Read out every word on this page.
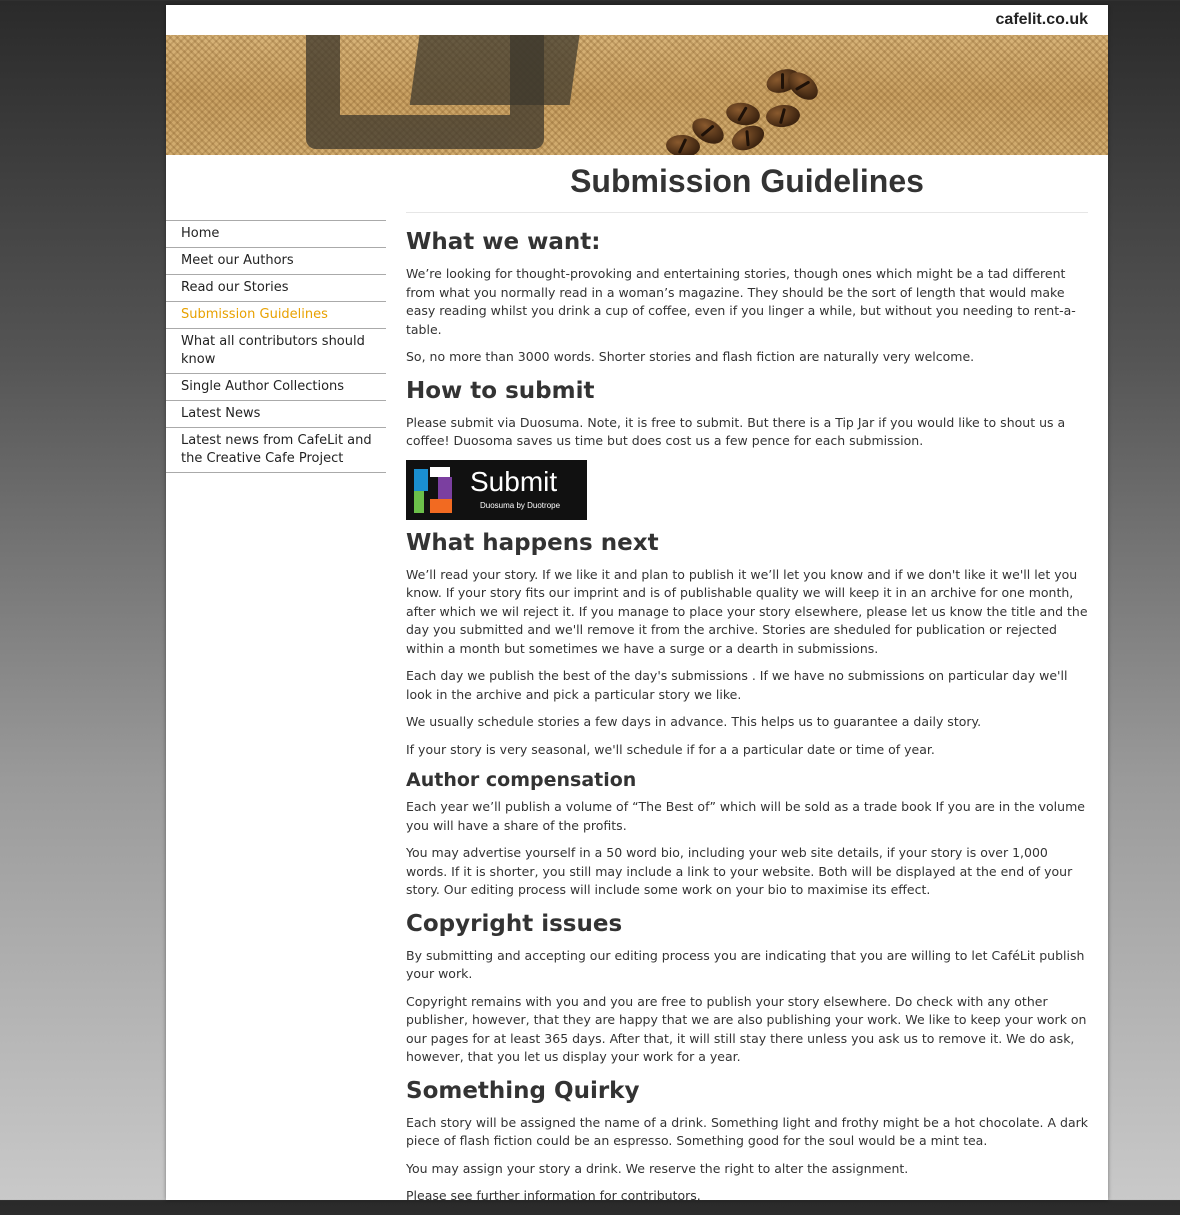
cafelit.co.uk
Submission Guidelines
Home
Meet our Authors
Read our Stories
Submission Guidelines
What all contributors should know
Single Author Collections
Latest News
Latest news from CafeLit and the Creative Cafe Project
What we want:

We’re looking for thought-provoking and entertaining stories, though ones which might be a tad different from what you normally read in a woman’s magazine. They should be the sort of length that would make easy reading whilst you drink a cup of coffee, even if you linger a while, but without you needing to rent-a-table.

So, no more than 3000 words. Shorter stories and flash fiction are naturally very welcome.

How to submit

Please submit via Duosuma. Note, it is free to submit. But there is a Tip Jar if you would like to shout us a coffee! Duosoma saves us time but does cost us a few pence for each submission.

Submit
Duosuma by Duotrope
What happens next

We’ll read your story. If we like it and plan to publish it we’ll let you know and if we don't like it we'll let you know. If your story fits our imprint and is of publishable quality we will keep it in an archive for one month, after which we wil reject it. If you manage to place your story elsewhere, please let us know the title and the day you submitted and we'll remove it from the archive. Stories are sheduled for publication or rejected within a month but sometimes we have a surge or a dearth in submissions.

Each day we publish the best of the day's submissions . If we have no submissions on particular day we'll look in the archive and pick a particular story we like.

We usually schedule stories a few days in advance. This helps us to guarantee a daily story.

If your story is very seasonal, we'll schedule if for a a particular date or time of year.

Author compensation

Each year we’ll publish a volume of “The Best of” which will be sold as a trade book If you are in the volume you will have a share of the profits.

You may advertise yourself in a 50 word bio, including your web site details, if your story is over 1,000 words. If it is shorter, you still may include a link to your website. Both will be displayed at the end of your story. Our editing process will include some work on your bio to maximise its effect.

Copyright issues

By submitting and accepting our editing process you are indicating that you are willing to let CaféLit publish your work.

Copyright remains with you and you are free to publish your story elsewhere. Do check with any other publisher, however, that they are happy that we are also publishing your work. We like to keep your work on our pages for at least 365 days. After that, it will still stay there unless you ask us to remove it. We do ask, however, that you let us display your work for a year.

Something Quirky

Each story will be assigned the name of a drink. Something light and frothy might be a hot chocolate. A dark piece of flash fiction could be an espresso. Something good for the soul would be a mint tea.

You may assign your story a drink. We reserve the right to alter the assignment.

Please see further information for contributors.
